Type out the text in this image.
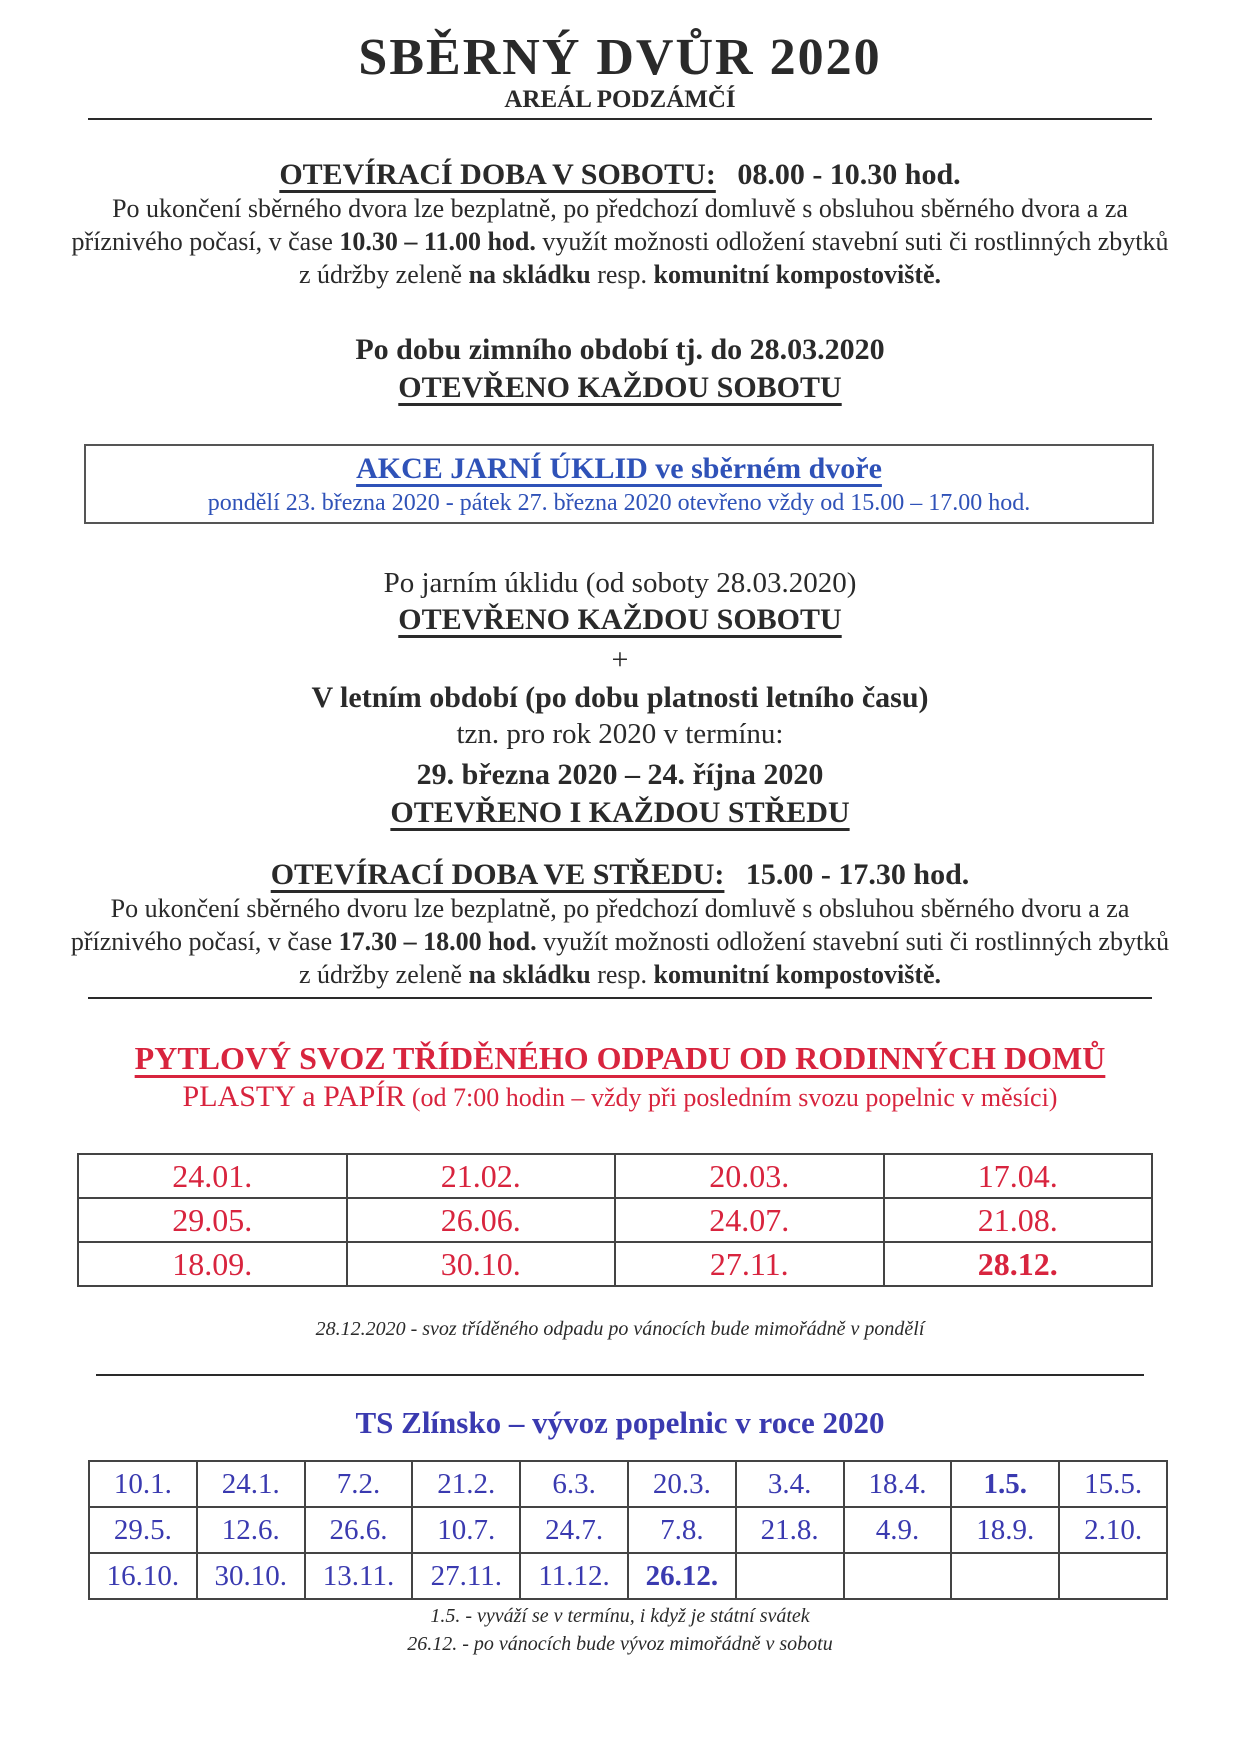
SBĚRNÝ DVŮR 2020
AREÁL PODZÁMČÍ
OTEVÍRACÍ DOBA V SOBOTU: 08.00 - 10.30 hod.
Po ukončení sběrného dvora lze bezplatně, po předchozí domluvě s obsluhou sběrného dvora a za příznivého počasí, v čase 10.30 – 11.00 hod. využít možnosti odložení stavební suti či rostlinných zbytků z údržby zeleně na skládku resp. komunitní kompostoviště.
Po dobu zimního období tj. do 28.03.2020
OTEVŘENO KAŽDOU SOBOTU
AKCE JARNÍ ÚKLID ve sběrném dvoře
pondělí 23. března 2020 - pátek 27. března 2020 otevřeno vždy od 15.00 – 17.00 hod.
Po jarním úklidu (od soboty 28.03.2020)
OTEVŘENO KAŽDOU SOBOTU
+
V letním období (po dobu platnosti letního času)
tzn. pro rok 2020 v termínu:
29. března 2020 – 24. října 2020
OTEVŘENO I KAŽDOU STŘEDU
OTEVÍRACÍ DOBA VE STŘEDU: 15.00 - 17.30 hod.
Po ukončení sběrného dvoru lze bezplatně, po předchozí domluvě s obsluhou sběrného dvoru a za příznivého počasí, v čase 17.30 – 18.00 hod. využít možnosti odložení stavební suti či rostlinných zbytků z údržby zeleně na skládku resp. komunitní kompostoviště.
PYTLOVÝ SVOZ TŘÍDĚNÉHO ODPADU OD RODINNÝCH DOMŮ
PLASTY a PAPÍR (od 7:00 hodin – vždy při posledním svozu popelnic v měsíci)
24.01.	21.02.	20.03.	17.04.
29.05.	26.06.	24.07.	21.08.
18.09.	30.10.	27.11.	28.12.
28.12.2020 - svoz tříděného odpadu po vánocích bude mimořádně v pondělí
TS Zlínsko – vývoz popelnic v roce 2020
10.1.	24.1.	7.2.	21.2.	6.3.	20.3.	3.4.	18.4.	1.5.	15.5.
29.5.	12.6.	26.6.	10.7.	24.7.	7.8.	21.8.	4.9.	18.9.	2.10.
16.10.	30.10.	13.11.	27.11.	11.12.	26.12.				
1.5. - vyváží se v termínu, i když je státní svátek
26.12. - po vánocích bude vývoz mimořádně v sobotu
